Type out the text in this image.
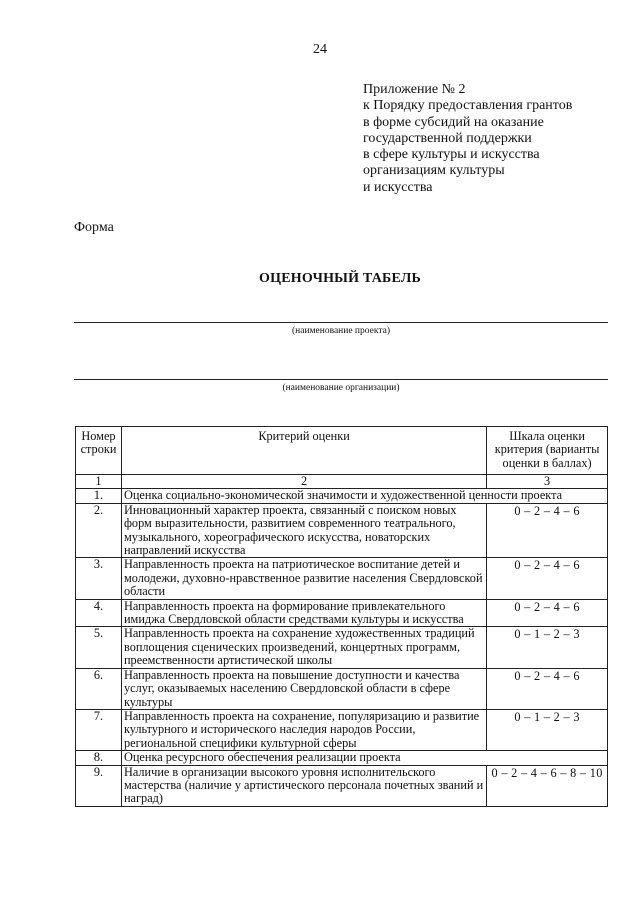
24
Приложение № 2
к Порядку предоставления грантов
в форме субсидий на оказание
государственной поддержки
в сфере культуры и искусства
организациям культуры
и искусства
Форма
ОЦЕНОЧНЫЙ ТАБЕЛЬ
(наименование проекта)
(наименование организации)
Номер строки	Критерий оценки	Шкала оценки критерия (варианты оценки в баллах)
1	2	3
1.	Оценка социально-экономической значимости и художественной ценности проекта	
2.	Инновационный характер проекта, связанный с поиском новых форм выразительности, развитием современного театрального, музыкального, хореографического искусства, новаторских направлений искусства	0 – 2 – 4 – 6
3.	Направленность проекта на патриотическое воспитание детей и молодежи, духовно-нравственное развитие населения Свердловской области	0 – 2 – 4 – 6
4.	Направленность проекта на формирование привлекательного имиджа Свердловской области средствами культуры и искусства	0 – 2 – 4 – 6
5.	Направленность проекта на сохранение художественных традиций воплощения сценических произведений, концертных программ, преемственности артистической школы	0 – 1 – 2 – 3
6.	Направленность проекта на повышение доступности и качества услуг, оказываемых населению Свердловской области в сфере культуры	0 – 2 – 4 – 6
7.	Направленность проекта на сохранение, популяризацию и развитие культурного и исторического наследия народов России, региональной специфики культурной сферы	0 – 1 – 2 – 3
8.	Оценка ресурсного обеспечения реализации проекта	
9.	Наличие в организации высокого уровня исполнительского мастерства (наличие у артистического персонала почетных званий и наград)	0 – 2 – 4 – 6 – 8 – 10
